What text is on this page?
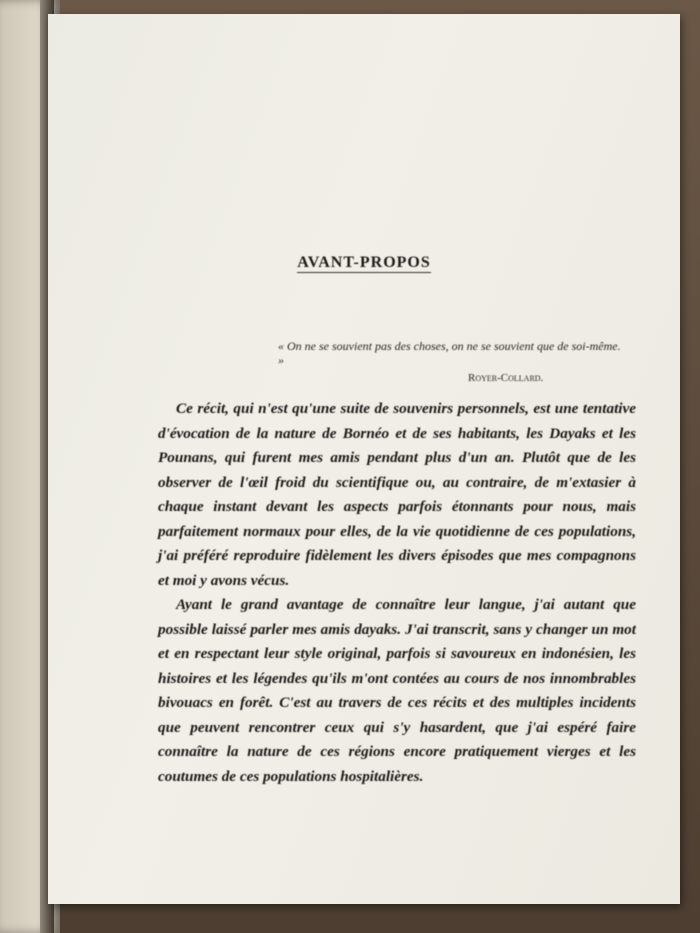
AVANT-PROPOS
« On ne se souvient pas des choses, on ne se souvient que de soi-même. »
Royer-Collard.

Ce récit, qui n'est qu'une suite de souvenirs personnels, est une tentative d'évocation de la nature de Bornéo et de ses habitants, les Dayaks et les Pounans, qui furent mes amis pendant plus d'un an. Plutôt que de les observer de l'œil froid du scientifique ou, au contraire, de m'extasier à chaque instant devant les aspects parfois étonnants pour nous, mais parfaitement normaux pour elles, de la vie quotidienne de ces populations, j'ai préféré reproduire fidèlement les divers épisodes que mes compagnons et moi y avons vécus.

Ayant le grand avantage de connaître leur langue, j'ai autant que possible laissé parler mes amis dayaks. J'ai transcrit, sans y changer un mot et en respectant leur style original, parfois si savoureux en indonésien, les histoires et les légendes qu'ils m'ont contées au cours de nos innombrables bivouacs en forêt. C'est au travers de ces récits et des multiples incidents que peuvent rencontrer ceux qui s'y hasardent, que j'ai espéré faire connaître la nature de ces régions encore pratiquement vierges et les coutumes de ces populations hospitalières.
